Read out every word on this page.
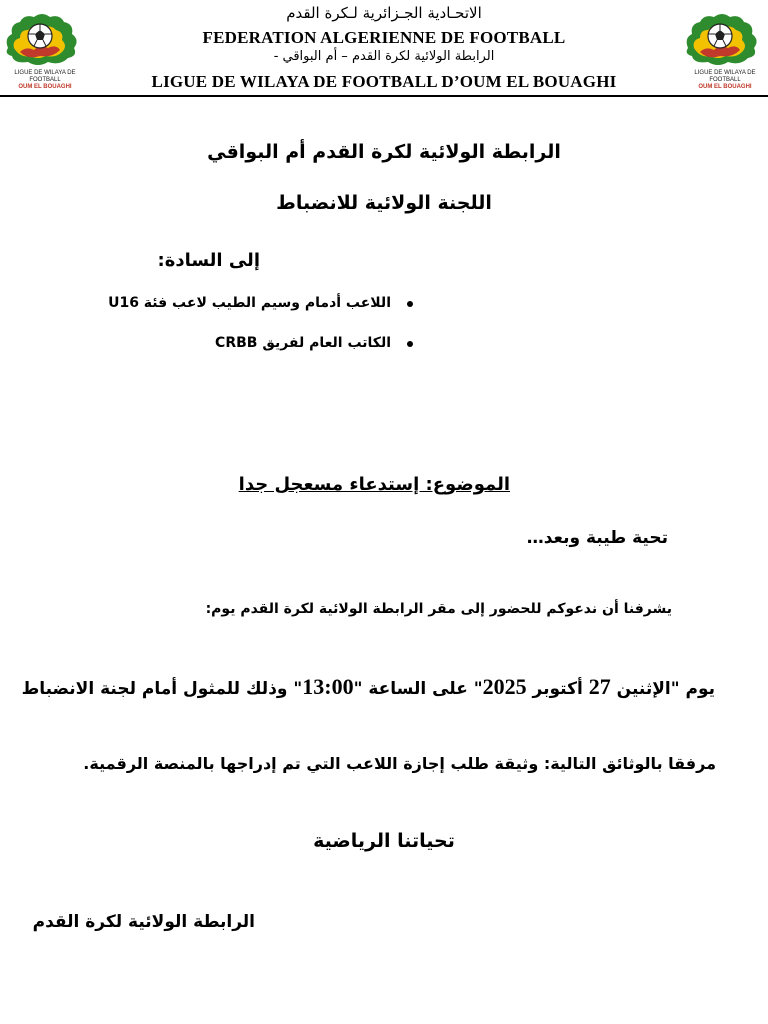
LIGUE DE WILAYA DE FOOTBALL
OUM EL BOUAGHI
LIGUE DE WILAYA DE FOOTBALL
OUM EL BOUAGHI
الاتحـادية الجـزائرية لـكرة القدم
FEDERATION ALGERIENNE DE FOOTBALL
الرابطة الولائية لكرة القدم – أم البواقي -
LIGUE DE WILAYA DE FOOTBALL D’OUM EL BOUAGHI
الرابطة الولائية لكرة القدم أم البواقي
اللجنة الولائية للانضباط
إلى السادة:
اللاعب أدمام وسيم الطيب لاعب فئة U16
الكاتب العام لفريق CRBB
الموضوع: إستدعاء مسعجل جدا
تحية طيبة وبعد…
يشرفنا أن ندعوكم للحضور إلى مقر الرابطة الولائية لكرة القدم يوم:
يوم "الإثنين 27 أكتوبر 2025" على الساعة "13:00" وذلك للمثول أمام لجنة الانضباط
مرفقا بالوثائق التالية: وثيقة طلب إجازة اللاعب التي تم إدراجها بالمنصة الرقمية.
تحياتنا الرياضية
الرابطة الولائية لكرة القدم
